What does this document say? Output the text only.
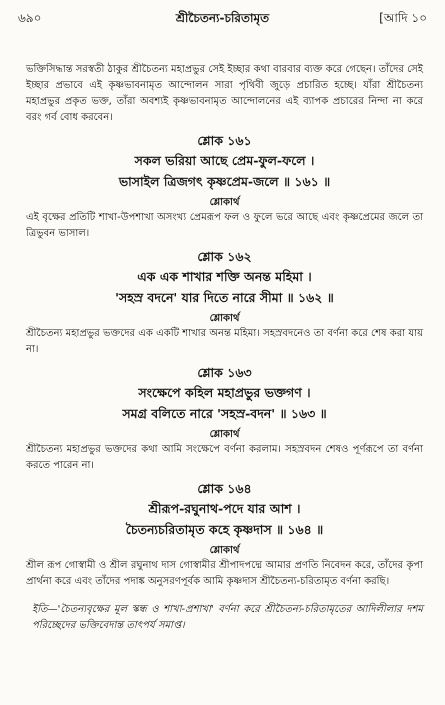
৬৯০	শ্রীচৈতন্য-চরিতামৃত	[আদি ১০

ভক্তিসিদ্ধান্ত সরস্বতী ঠাকুর শ্রীচৈতন্য মহাপ্রভুর সেই ইচ্ছার কথা বারবার ব্যক্ত করে গেছেন। তাঁদের সেই ইচ্ছার প্রভাবে এই কৃষ্ণভাবনামৃত আন্দোলন সারা পৃথিবী জুড়ে প্রচারিত হচ্ছে। যাঁরা শ্রীচৈতন্য মহাপ্রভুর প্রকৃত ভক্ত, তাঁরা অবশ্যই কৃষ্ণভাবনামৃত আন্দোলনের এই ব্যাপক প্রচারের নিন্দা না করে বরং গর্ব বোধ করবেন।

শ্লোক ১৬১
সকল ভরিয়া আছে প্রেম-ফুল-ফলে ।
ভাসাইল ত্রিজগৎ কৃষ্ণপ্রেম-জলে ॥ ১৬১ ॥
শ্লোকার্থ

এই বৃক্ষের প্রতিটি শাখা-উপশাখা অসংখ্য প্রেমরূপ ফল ও ফুলে ভরে আছে এবং কৃষ্ণপ্রেমের জলে তা ত্রিভুবন ভাসাল।

শ্লোক ১৬২
এক এক শাখার শক্তি অনন্ত মহিমা ।
'সহস্র বদনে' যার দিতে নারে সীমা ॥ ১৬২ ॥
শ্লোকার্থ

শ্রীচৈতন্য মহাপ্রভুর ভক্তদের এক একটি শাখার অনন্ত মহিমা। সহস্রবদনেও তা বর্ণনা করে শেষ করা যায় না।

শ্লোক ১৬৩
সংক্ষেপে কহিল মহাপ্রভুর ভক্তগণ ।
সমগ্র বলিতে নারে 'সহস্র-বদন' ॥ ১৬৩ ॥
শ্লোকার্থ

শ্রীচৈতন্য মহাপ্রভুর ভক্তদের কথা আমি সংক্ষেপে বর্ণনা করলাম। সহস্রবদন শেষও পূর্ণরূপে তা বর্ণনা করতে পারেন না।

শ্লোক ১৬৪
শ্রীরূপ-রঘুনাথ-পদে যার আশ ।
চৈতন্যচরিতামৃত কহে কৃষ্ণদাস ॥ ১৬৪ ॥
শ্লোকার্থ

শ্রীল রূপ গোস্বামী ও শ্রীল রঘুনাথ দাস গোস্বামীর শ্রীপাদপদ্মে আমার প্রণতি নিবেদন করে, তাঁদের কৃপা প্রার্থনা করে এবং তাঁদের পদাঙ্ক অনুসরণপূর্বক আমি কৃষ্ণদাস শ্রীচৈতন্য-চরিতামৃত বর্ণনা করছি।

ইতি—'চৈতন্যবৃক্ষের মূল স্কন্ধ ও শাখা-প্রশাখা' বর্ণনা করে শ্রীচৈতন্য-চরিতামৃতের আদিলীলার দশম পরিচ্ছেদের ভক্তিবেদান্ত তাৎপর্য সমাপ্ত।
